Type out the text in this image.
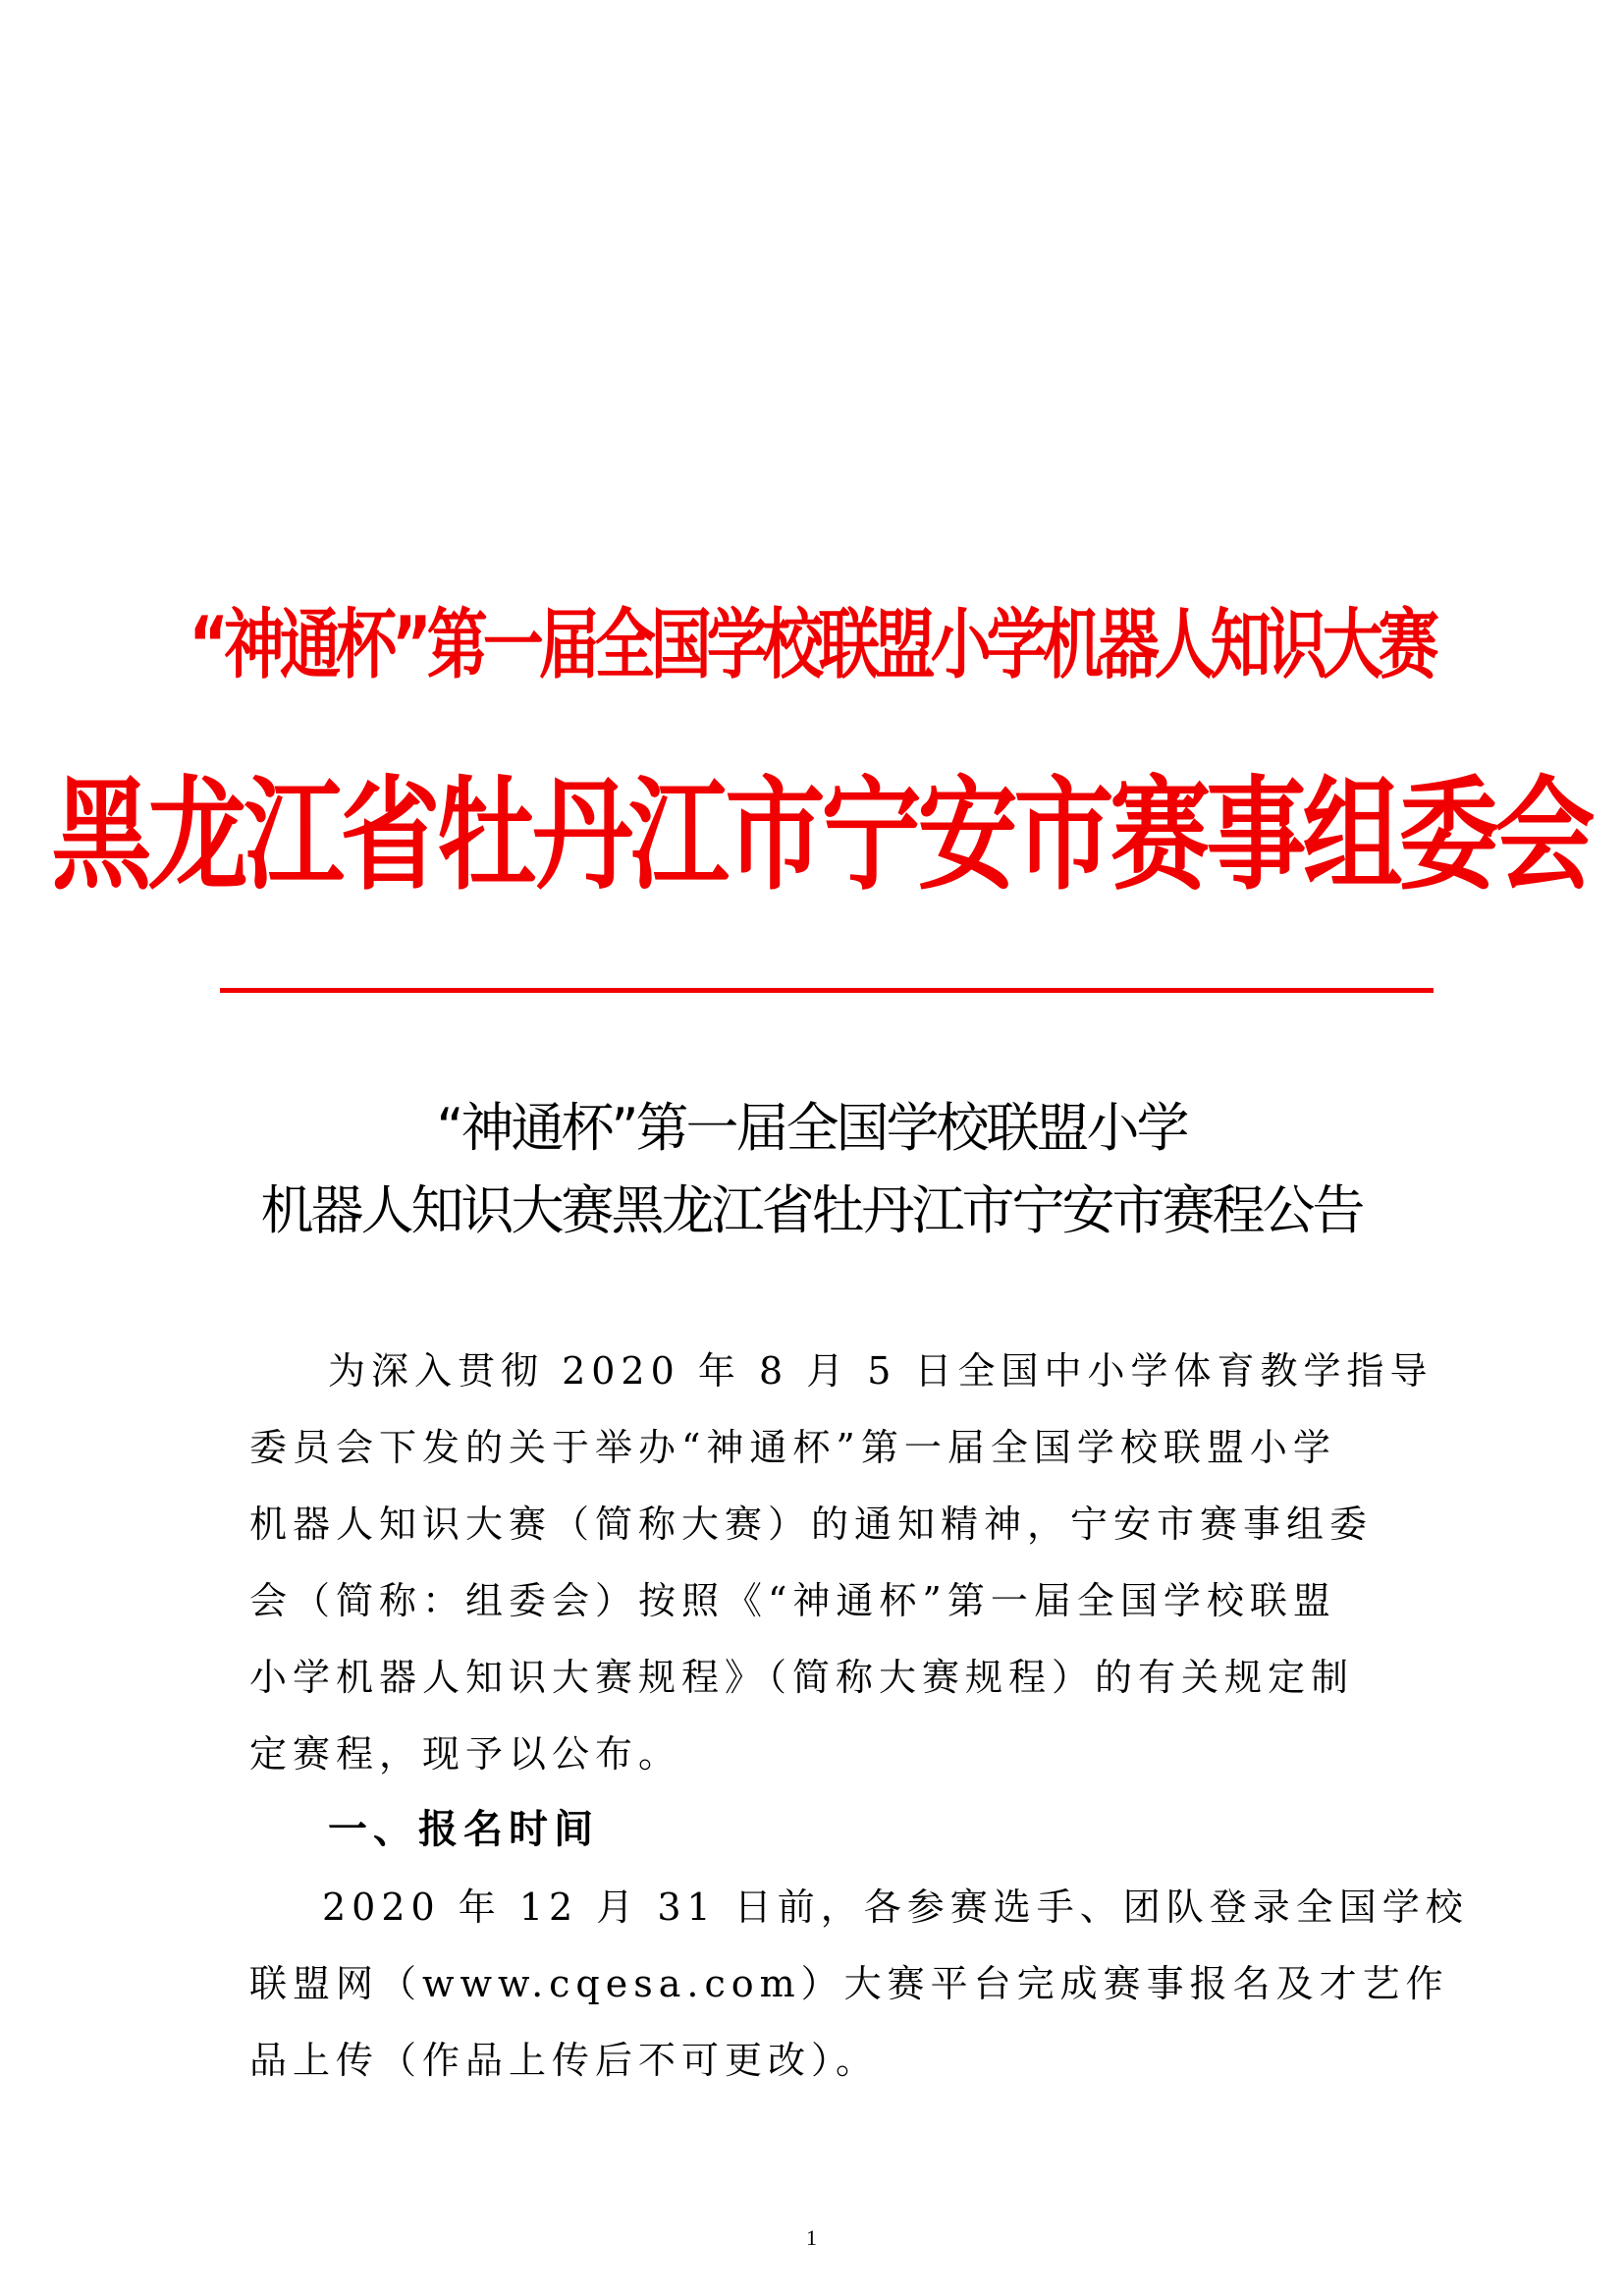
“神通杯”第一届全国学校联盟小学机器人知识大赛
黑龙江省牡丹江市宁安市赛事组委会
“神通杯”第一届全国学校联盟小学
机器人知识大赛黑龙江省牡丹江市宁安市赛程公告
为深入贯彻 2020 年 8 月 5 日全国中小学体育教学指导
委员会下发的关于举办“神通杯”第一届全国学校联盟小学
机器人知识大赛（简称大赛）的通知精神，宁安市赛事组委
会（简称：组委会）按照《“神通杯”第一届全国学校联盟
小学机器人知识大赛规程》（简称大赛规程）的有关规定制
定赛程，现予以公布。
一、报名时间
2020 年 12 月 31 日前，各参赛选手、团队登录全国学校
联盟网（www.cqesa.com）大赛平台完成赛事报名及才艺作
品上传（作品上传后不可更改）。
1
